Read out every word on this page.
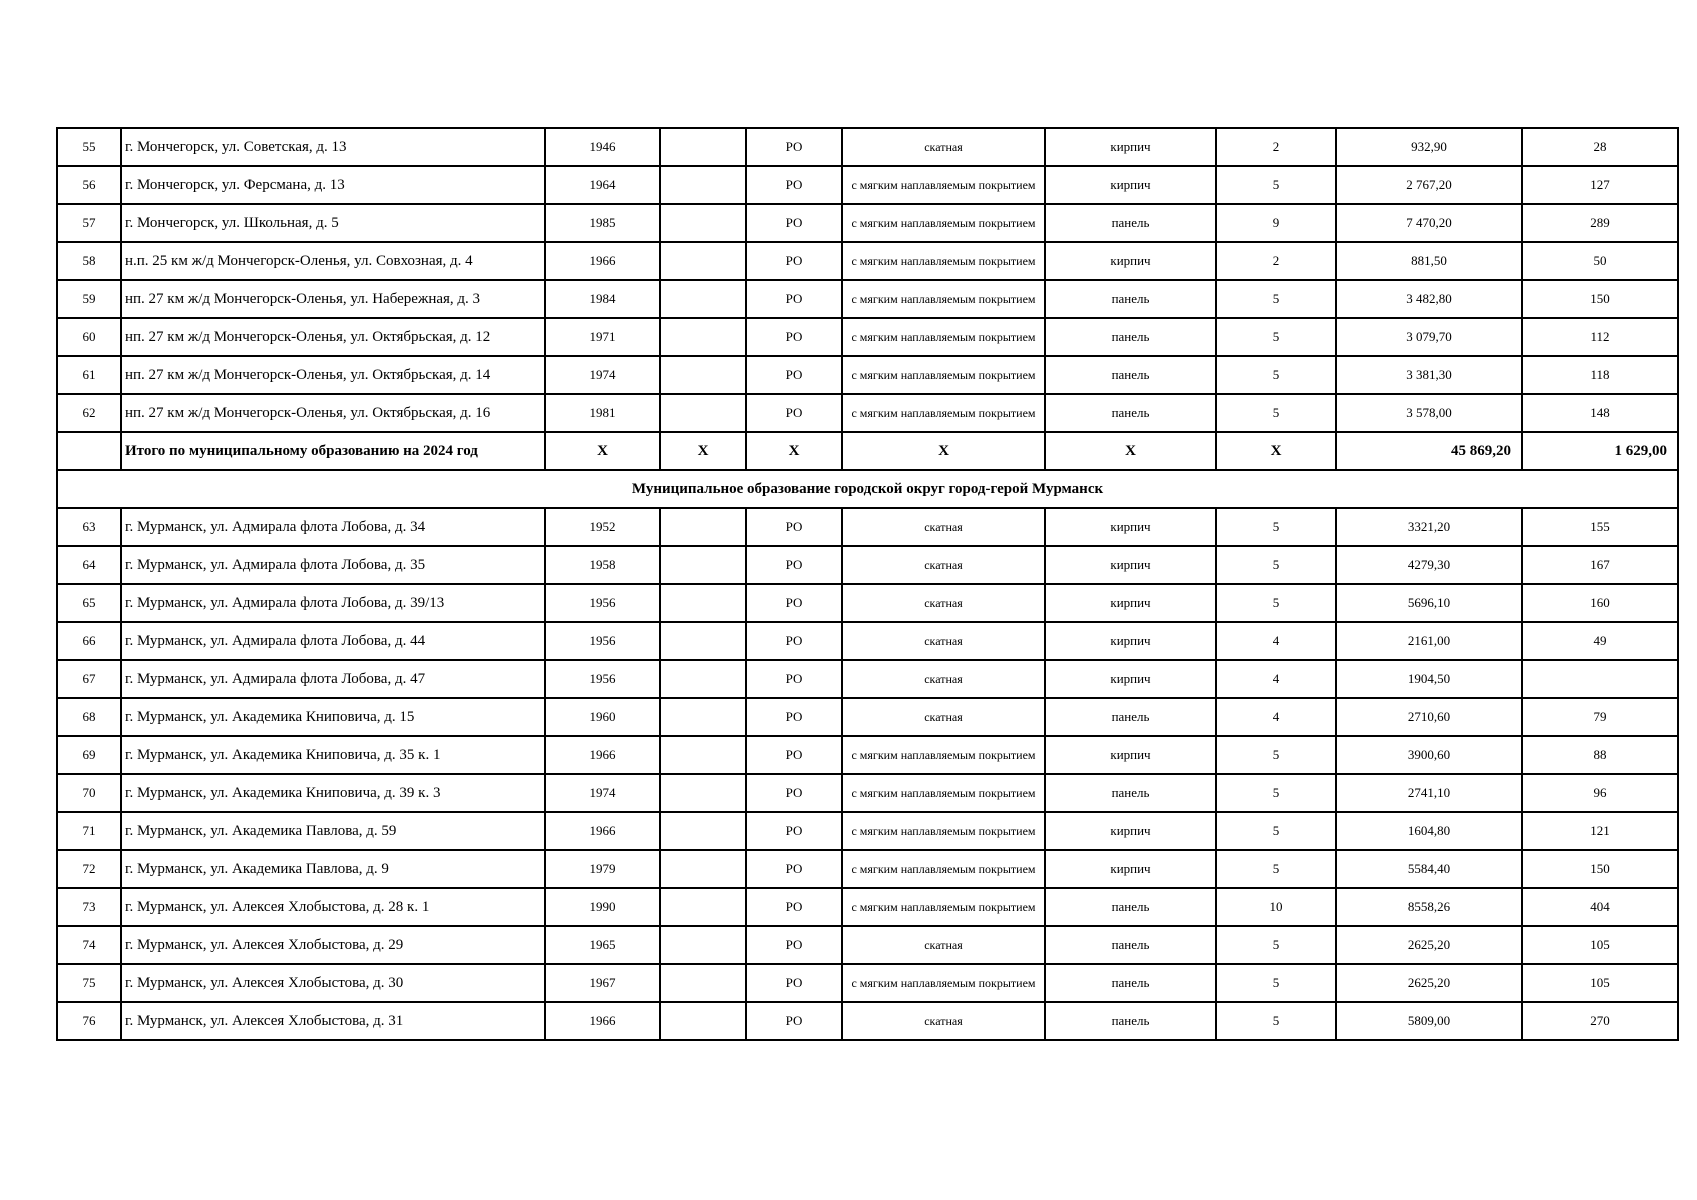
55	г. Мончегорск, ул. Советская, д. 13	1946		РО	скатная	кирпич	2	932,90	28
56	г. Мончегорск, ул. Ферсмана, д. 13	1964		РО	с мягким наплавляемым покрытием	кирпич	5	2 767,20	127
57	г. Мончегорск, ул. Школьная, д. 5	1985		РО	с мягким наплавляемым покрытием	панель	9	7 470,20	289
58	н.п. 25 км ж/д Мончегорск-Оленья, ул. Совхозная, д. 4	1966		РО	с мягким наплавляемым покрытием	кирпич	2	881,50	50
59	нп. 27 км ж/д Мончегорск-Оленья, ул. Набережная, д. 3	1984		РО	с мягким наплавляемым покрытием	панель	5	3 482,80	150
60	нп. 27 км ж/д Мончегорск-Оленья, ул. Октябрьская, д. 12	1971		РО	с мягким наплавляемым покрытием	панель	5	3 079,70	112
61	нп. 27 км ж/д Мончегорск-Оленья, ул. Октябрьская, д. 14	1974		РО	с мягким наплавляемым покрытием	панель	5	3 381,30	118
62	нп. 27 км ж/д Мончегорск-Оленья, ул. Октябрьская, д. 16	1981		РО	с мягким наплавляемым покрытием	панель	5	3 578,00	148
	Итого по муниципальному образованию на 2024 год	X	X	X	X	X	X	45 869,20	1 629,00
Муниципальное образование городской округ город-герой Мурманск									
63	г. Мурманск, ул. Адмирала флота Лобова, д. 34	1952		РО	скатная	кирпич	5	3321,20	155
64	г. Мурманск, ул. Адмирала флота Лобова, д. 35	1958		РО	скатная	кирпич	5	4279,30	167
65	г. Мурманск, ул. Адмирала флота Лобова, д. 39/13	1956		РО	скатная	кирпич	5	5696,10	160
66	г. Мурманск, ул. Адмирала флота Лобова, д. 44	1956		РО	скатная	кирпич	4	2161,00	49
67	г. Мурманск, ул. Адмирала флота Лобова, д. 47	1956		РО	скатная	кирпич	4	1904,50	
68	г. Мурманск, ул. Академика Книповича, д. 15	1960		РО	скатная	панель	4	2710,60	79
69	г. Мурманск, ул. Академика Книповича, д. 35 к. 1	1966		РО	с мягким наплавляемым покрытием	кирпич	5	3900,60	88
70	г. Мурманск, ул. Академика Книповича, д. 39 к. 3	1974		РО	с мягким наплавляемым покрытием	панель	5	2741,10	96
71	г. Мурманск, ул. Академика Павлова, д. 59	1966		РО	с мягким наплавляемым покрытием	кирпич	5	1604,80	121
72	г. Мурманск, ул. Академика Павлова, д. 9	1979		РО	с мягким наплавляемым покрытием	кирпич	5	5584,40	150
73	г. Мурманск, ул. Алексея Хлобыстова, д. 28 к. 1	1990		РО	с мягким наплавляемым покрытием	панель	10	8558,26	404
74	г. Мурманск, ул. Алексея Хлобыстова, д. 29	1965		РО	скатная	панель	5	2625,20	105
75	г. Мурманск, ул. Алексея Хлобыстова, д. 30	1967		РО	с мягким наплавляемым покрытием	панель	5	2625,20	105
76	г. Мурманск, ул. Алексея Хлобыстова, д. 31	1966		РО	скатная	панель	5	5809,00	270
